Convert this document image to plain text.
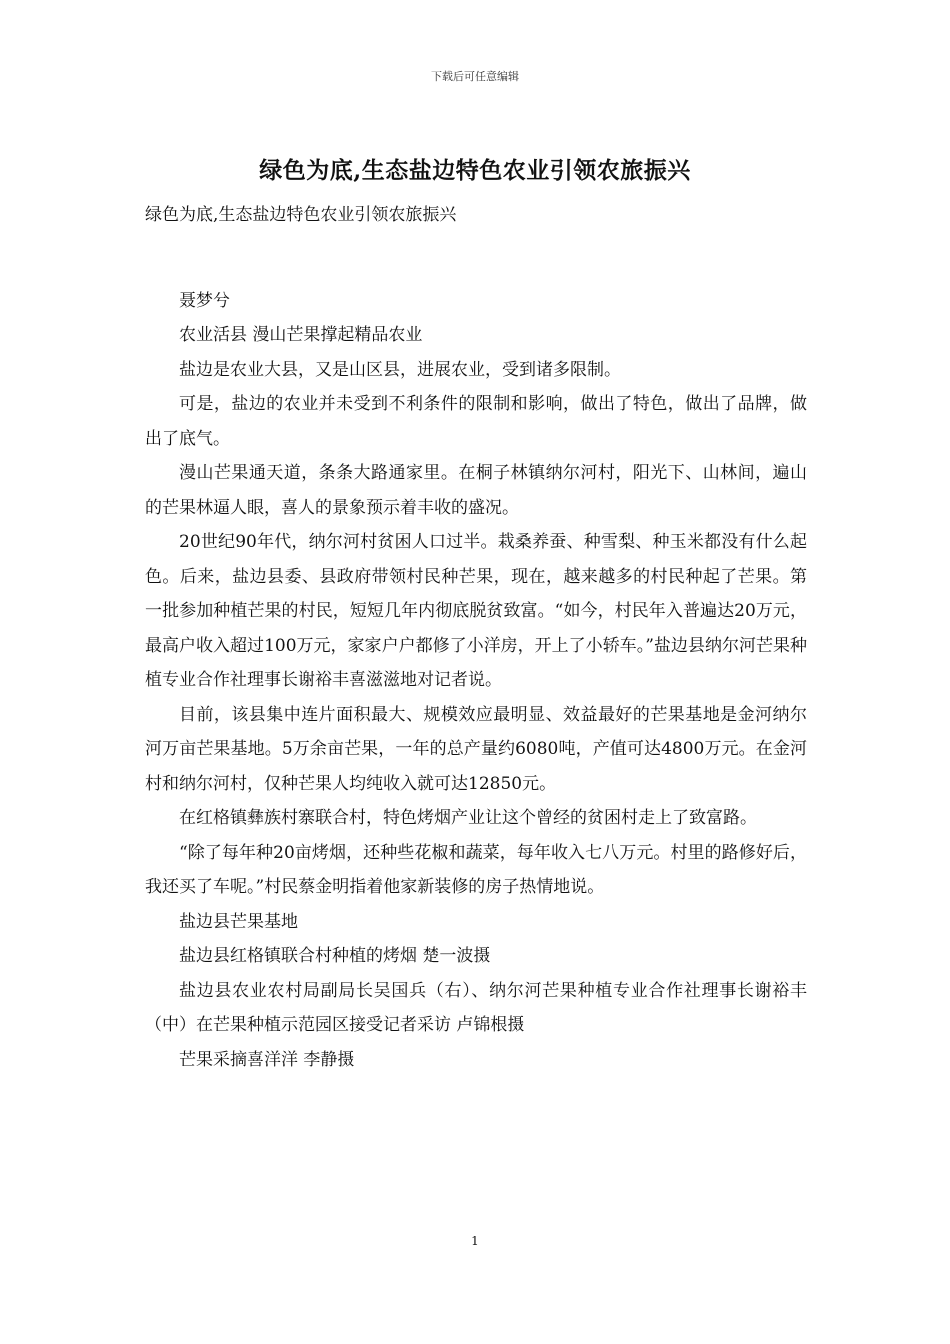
下载后可任意编辑
绿色为底,生态盐边特色农业引领农旅振兴

绿色为底,生态盐边特色农业引领农旅振兴

聂梦兮

农业活县 漫山芒果撑起精品农业

盐边是农业大县，又是山区县，进展农业，受到诸多限制。

可是，盐边的农业并未受到不利条件的限制和影响，做出了特色，做出了品牌，做出了底气。

漫山芒果通天道，条条大路通家里。在桐子林镇纳尔河村，阳光下、山林间，遍山的芒果林逼人眼，喜人的景象预示着丰收的盛况。

20世纪90年代，纳尔河村贫困人口过半。栽桑养蚕、种雪梨、种玉米都没有什么起色。后来，盐边县委、县政府带领村民种芒果，现在，越来越多的村民种起了芒果。第一批参加种植芒果的村民，短短几年内彻底脱贫致富。“如今，村民年入普遍达20万元，最高户收入超过100万元，家家户户都修了小洋房，开上了小轿车。”盐边县纳尔河芒果种植专业合作社理事长谢裕丰喜滋滋地对记者说。

目前，该县集中连片面积最大、规模效应最明显、效益最好的芒果基地是金河纳尔河万亩芒果基地。5万余亩芒果，一年的总产量约6080吨，产值可达4800万元。在金河村和纳尔河村，仅种芒果人均纯收入就可达12850元。

在红格镇彝族村寨联合村，特色烤烟产业让这个曾经的贫困村走上了致富路。

“除了每年种20亩烤烟，还种些花椒和蔬菜，每年收入七八万元。村里的路修好后，我还买了车呢。”村民蔡金明指着他家新装修的房子热情地说。

盐边县芒果基地

盐边县红格镇联合村种植的烤烟 楚一波摄

盐边县农业农村局副局长吴国兵（右）、纳尔河芒果种植专业合作社理事长谢裕丰（中）在芒果种植示范园区接受记者采访 卢锦根摄

芒果采摘喜洋洋 李静摄

1
